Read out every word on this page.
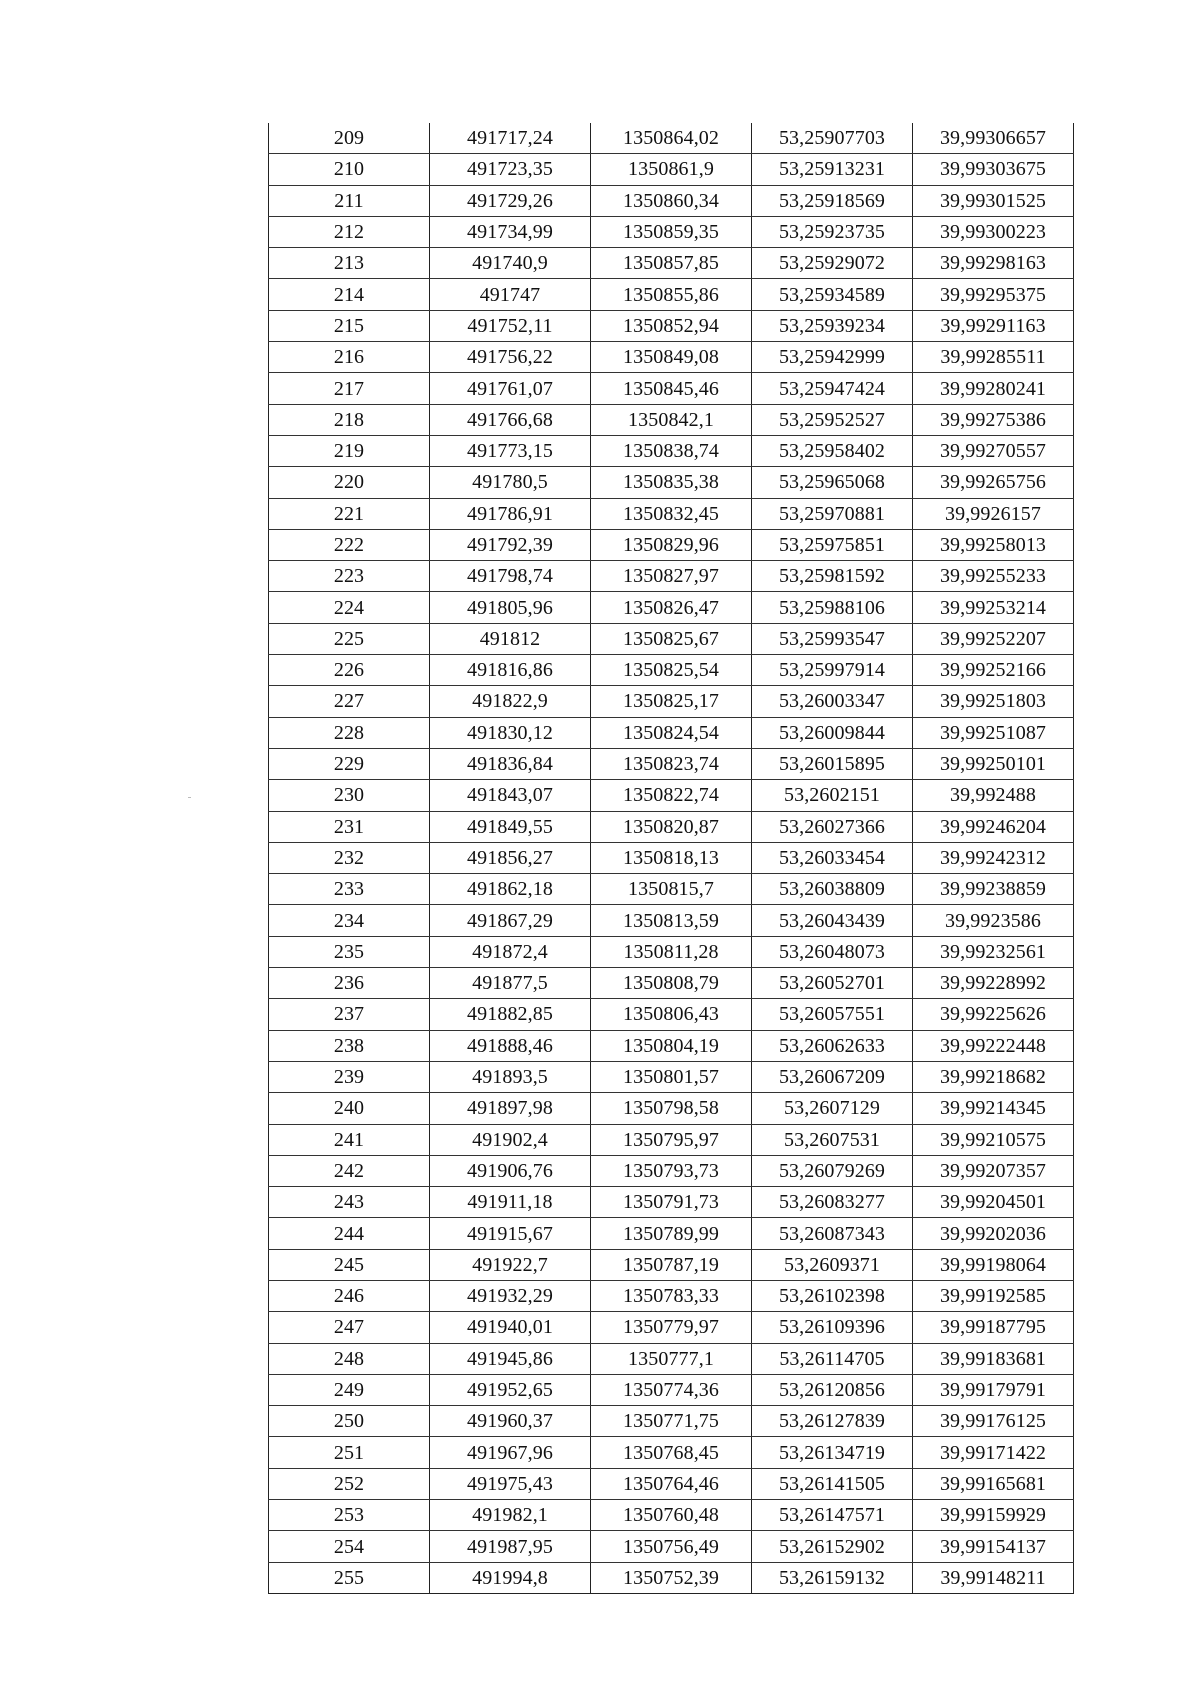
209	491717,24	1350864,02	53,25907703	39,99306657
210	491723,35	1350861,9	53,25913231	39,99303675
211	491729,26	1350860,34	53,25918569	39,99301525
212	491734,99	1350859,35	53,25923735	39,99300223
213	491740,9	1350857,85	53,25929072	39,99298163
214	491747	1350855,86	53,25934589	39,99295375
215	491752,11	1350852,94	53,25939234	39,99291163
216	491756,22	1350849,08	53,25942999	39,99285511
217	491761,07	1350845,46	53,25947424	39,99280241
218	491766,68	1350842,1	53,25952527	39,99275386
219	491773,15	1350838,74	53,25958402	39,99270557
220	491780,5	1350835,38	53,25965068	39,99265756
221	491786,91	1350832,45	53,25970881	39,9926157
222	491792,39	1350829,96	53,25975851	39,99258013
223	491798,74	1350827,97	53,25981592	39,99255233
224	491805,96	1350826,47	53,25988106	39,99253214
225	491812	1350825,67	53,25993547	39,99252207
226	491816,86	1350825,54	53,25997914	39,99252166
227	491822,9	1350825,17	53,26003347	39,99251803
228	491830,12	1350824,54	53,26009844	39,99251087
229	491836,84	1350823,74	53,26015895	39,99250101
230	491843,07	1350822,74	53,2602151	39,992488
231	491849,55	1350820,87	53,26027366	39,99246204
232	491856,27	1350818,13	53,26033454	39,99242312
233	491862,18	1350815,7	53,26038809	39,99238859
234	491867,29	1350813,59	53,26043439	39,9923586
235	491872,4	1350811,28	53,26048073	39,99232561
236	491877,5	1350808,79	53,26052701	39,99228992
237	491882,85	1350806,43	53,26057551	39,99225626
238	491888,46	1350804,19	53,26062633	39,99222448
239	491893,5	1350801,57	53,26067209	39,99218682
240	491897,98	1350798,58	53,2607129	39,99214345
241	491902,4	1350795,97	53,2607531	39,99210575
242	491906,76	1350793,73	53,26079269	39,99207357
243	491911,18	1350791,73	53,26083277	39,99204501
244	491915,67	1350789,99	53,26087343	39,99202036
245	491922,7	1350787,19	53,2609371	39,99198064
246	491932,29	1350783,33	53,26102398	39,99192585
247	491940,01	1350779,97	53,26109396	39,99187795
248	491945,86	1350777,1	53,26114705	39,99183681
249	491952,65	1350774,36	53,26120856	39,99179791
250	491960,37	1350771,75	53,26127839	39,99176125
251	491967,96	1350768,45	53,26134719	39,99171422
252	491975,43	1350764,46	53,26141505	39,99165681
253	491982,1	1350760,48	53,26147571	39,99159929
254	491987,95	1350756,49	53,26152902	39,99154137
255	491994,8	1350752,39	53,26159132	39,99148211
